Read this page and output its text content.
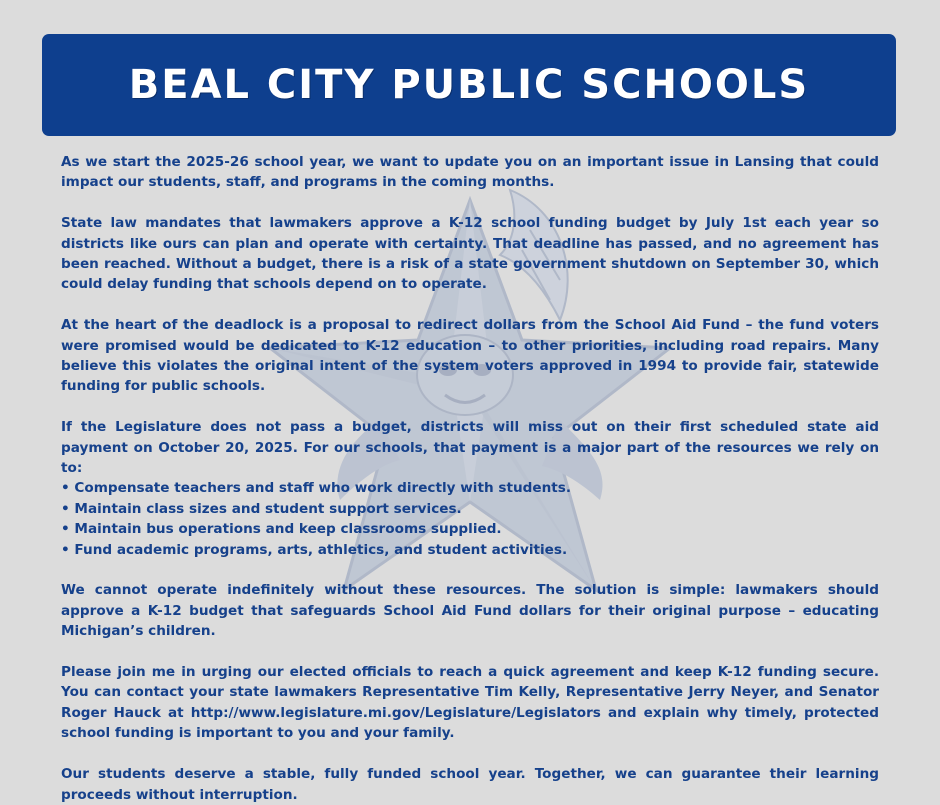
BEAL CITY PUBLIC SCHOOLS

As we start the 2025-26 school year, we want to update you on an important issue in Lansing that could impact our students, staff, and programs in the coming months.

State law mandates that lawmakers approve a K-12 school funding budget by July 1st each year so districts like ours can plan and operate with certainty. That deadline has passed, and no agreement has been reached. Without a budget, there is a risk of a state government shutdown on September 30, which could delay funding that schools depend on to operate.

At the heart of the deadlock is a proposal to redirect dollars from the School Aid Fund – the fund voters were promised would be dedicated to K-12 education – to other priorities, including road repairs. Many believe this violates the original intent of the system voters approved in 1994 to provide fair, statewide funding for public schools.

If the Legislature does not pass a budget, districts will miss out on their first scheduled state aid payment on October 20, 2025. For our schools, that payment is a major part of the resources we rely on to:

• Compensate teachers and staff who work directly with students.
• Maintain class sizes and student support services.
• Maintain bus operations and keep classrooms supplied.
• Fund academic programs, arts, athletics, and student activities.

We cannot operate indefinitely without these resources. The solution is simple: lawmakers should approve a K-12 budget that safeguards School Aid Fund dollars for their original purpose – educating Michigan’s children.

Please join me in urging our elected officials to reach a quick agreement and keep K-12 funding secure. You can contact your state lawmakers Representative Tim Kelly, Representative Jerry Neyer, and Senator Roger Hauck at http://www.legislature.mi.gov/Legislature/Legislators and explain why timely, protected school funding is important to you and your family.

Our students deserve a stable, fully funded school year. Together, we can guarantee their learning proceeds without interruption.
